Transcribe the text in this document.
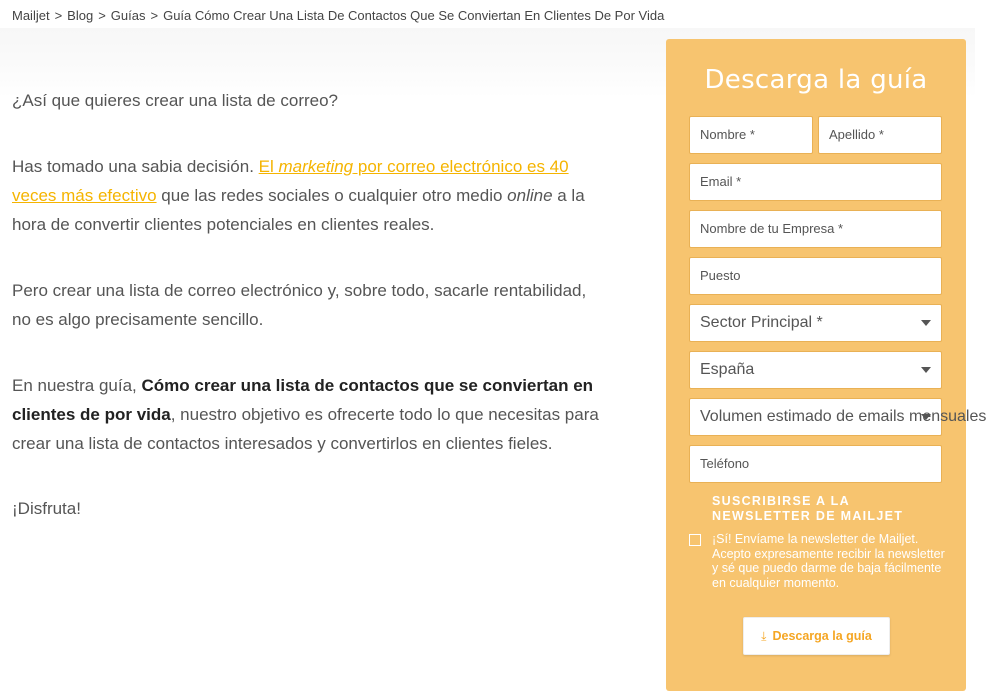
Mailjet > Blog > Guías > Guía Cómo Crear Una Lista De Contactos Que Se Conviertan En Clientes De Por Vida

¿Así que quieres crear una lista de correo?

Has tomado una sabia decisión. El marketing por correo electrónico es 40 veces más efectivo que las redes sociales o cualquier otro medio online a la hora de convertir clientes potenciales en clientes reales.

Pero crear una lista de correo electrónico y, sobre todo, sacarle rentabilidad, no es algo precisamente sencillo.

En nuestra guía, Cómo crear una lista de contactos que se conviertan en clientes de por vida, nuestro objetivo es ofrecerte todo lo que necesitas para crear una lista de contactos interesados y convertirlos en clientes fieles.

¡Disfruta!

Descarga la guía
Nombre *
Apellido *
Email *
Nombre de tu Empresa *
Puesto
Sector Principal *
España
Volumen estimado de emails mensuales
Teléfono
SUSCRIBIRSE A LA NEWSLETTER DE MAILJET
¡Sí! Envíame la newsletter de Mailjet. Acepto expresamente recibir la newsletter y sé que puedo darme de baja fácilmente en cualquier momento.
⤓ Descarga la guía
